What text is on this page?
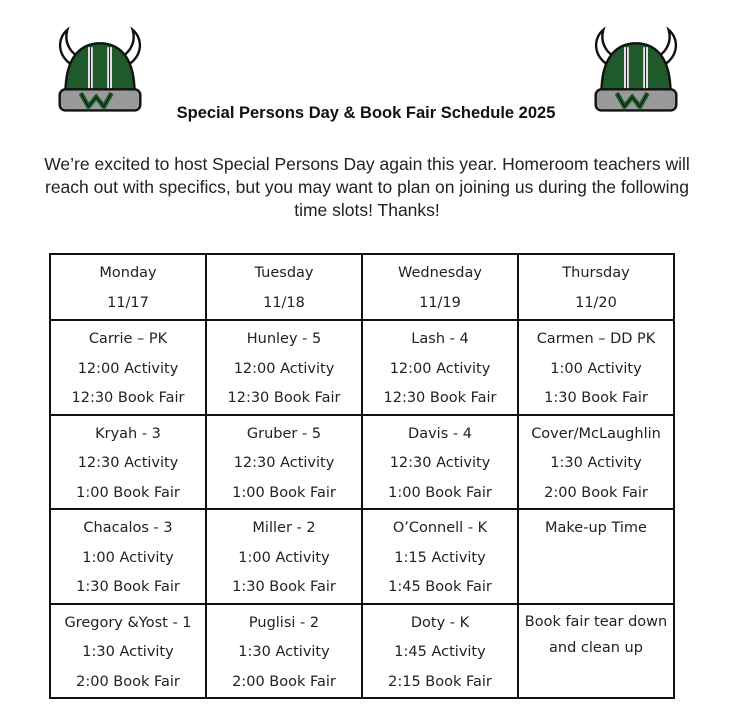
Special Persons Day & Book Fair Schedule 2025
We’re excited to host Special Persons Day again this year. Homeroom teachers will reach out with specifics, but you may want to plan on joining us during the following time slots! Thanks!
Monday
11/17	Tuesday
11/18	Wednesday
11/19	Thursday
11/20

Carrie – PK
12:00 Activity
12:30 Book Fair	Hunley - 5
12:00 Activity
12:30 Book Fair	Lash - 4
12:00 Activity
12:30 Book Fair	Carmen – DD PK
1:00 Activity
1:30 Book Fair

Kryah - 3
12:30 Activity
1:00 Book Fair	Gruber - 5
12:30 Activity
1:00 Book Fair	Davis - 4
12:30 Activity
1:00 Book Fair	Cover/McLaughlin
1:30 Activity
2:00 Book Fair

Chacalos - 3
1:00 Activity
1:30 Book Fair	Miller - 2
1:00 Activity
1:30 Book Fair	O’Connell - K
1:15 Activity
1:45 Book Fair	Make-up Time

Gregory &Yost - 1
1:30 Activity
2:00 Book Fair	Puglisi - 2
1:30 Activity
2:00 Book Fair	Doty - K
1:45 Activity
2:15 Book Fair	Book fair tear down
and clean up
